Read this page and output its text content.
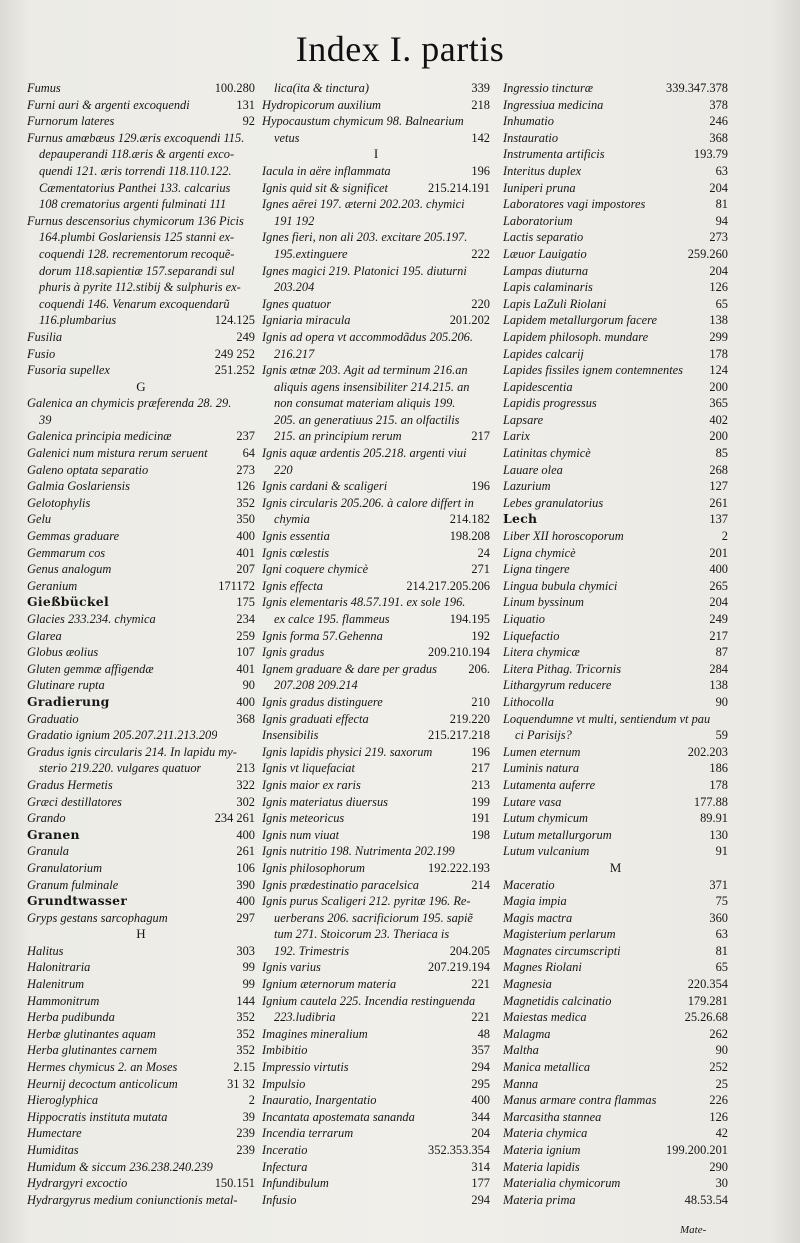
Index I. partis
Fumus	100.280
Furni auri & argenti excoquendi	131
Furnorum lateres	92
Furnus amœbæus 129.æris excoquendi 115.
depauperandi 118.æris & argenti exco-
quendi 121. æris torrendi 118.110.122.
Cæmentatorius Panthei 133. calcarius
108 crematorius argenti fulminati 111
Furnus descensorius chymicorum 136 Picis
164.plumbi Goslariensis 125 stanni ex-
coquendi 128. recrementorum recoquẽ-
dorum 118.sapientiæ 157.separandi sul
phuris à pyrite 112.stibij & sulphuris ex-
coquendi 146. Venarum excoquendarũ
116.plumbarius	124.125
Fusilia	249
Fusio	249 252
Fusoria supellex	251.252
G
Galenica an chymicis præferenda 28. 29.
39
Galenica principia medicinæ	237
Galenici num mistura rerum seruent	64
Galeno optata separatio	273
Galmia Goslariensis	126
Gelotophylis	352
Gelu	350
Gemmas graduare	400
Gemmarum cos	401
Genus analogum	207
Geranium	171172
Gießbückel	175
Glacies 233.234. chymica	234
Glarea	259
Globus æolius	107
Gluten gemmæ affigendæ	401
Glutinare rupta	90
Gradierung	400
Graduatio	368
Gradatio ignium 205.207.211.213.209
Gradus ignis circularis 214. In lapidu my-
sterio 219.220. vulgares quatuor	213
Gradus Hermetis	322
Græci destillatores	302
Grando	234 261
Granen	400
Granula	261
Granulatorium	106
Granum fulminale	390
Grundtwasser	400
Gryps gestans sarcophagum	297
H
Halitus	303
Halonitraria	99
Halenitrum	99
Hammonitrum	144
Herba pudibunda	352
Herbæ glutinantes aquam	352
Herba glutinantes carnem	352
Hermes chymicus 2. an Moses	2.15
Heurnij decoctum anticolicum	31 32
Hieroglyphica	2
Hippocratis instituta mutata	39
Humectare	239
Humiditas	239
Humidum & siccum 236.238.240.239
Hydrargyri excoctio	150.151
Hydrargyrus medium coniunctionis metal-
lica(ita & tinctura)	339
Hydropicorum auxilium	218
Hypocaustum chymicum 98. Balnearium
vetus	142
I
Iacula in aëre inflammata	196
Ignis quid sit & significet	215.214.191
Ignes aërei 197. æterni 202.203. chymici
191 192
Ignes fieri, non ali 203. excitare 205.197.
195.extinguere	222
Ignes magici 219. Platonici 195. diuturni
203.204
Ignes quatuor	220
Igniaria miracula	201.202
Ignis ad opera vt accommodãdus 205.206.
216.217
Ignis ætnæ 203. Agit ad terminum 216.an
aliquis agens insensibiliter 214.215. an
non consumat materiam aliquis 199.
205. an generatiuus 215. an olfactilis
215. an principium rerum	217
Ignis aquæ ardentis 205.218. argenti viui
220
Ignis cardani & scaligeri	196
Ignis circularis 205.206. à calore differt in
chymia	214.182
Ignis essentia	198.208
Ignis cœlestis	24
Igni coquere chymicè	271
Ignis effecta	214.217.205.206
Ignis elementaris 48.57.191. ex sole 196.
ex calce 195. flammeus	194.195
Ignis forma 57.Gehenna	192
Ignis gradus	209.210.194
Ignem graduare & dare per gradus	206.
207.208 209.214
Ignis gradus distinguere	210
Ignis graduati effecta	219.220
Insensibilis	215.217.218
Ignis lapidis physici 219. saxorum	196
Ignis vt liquefaciat	217
Ignis maior ex raris	213
Ignis materiatus diuersus	199
Ignis meteoricus	191
Ignis num viuat	198
Ignis nutritio 198. Nutrimenta 202.199
Ignis philosophorum	192.222.193
Ignis prædestinatio paracelsica	214
Ignis purus Scaligeri 212. pyritæ 196. Re-
uerberans 206. sacrificiorum 195. sapiẽ
tum 271. Stoicorum 23. Theriaca is
192. Trimestris	204.205
Ignis varius	207.219.194
Ignium æternorum materia	221
Ignium cautela 225. Incendia restinguenda
223.ludibria	221
Imagines mineralium	48
Imbibitio	357
Impressio virtutis	294
Impulsio	295
Inauratio, Inargentatio	400
Incantata apostemata sananda	344
Incendia terrarum	204
Inceratio	352.353.354
Infectura	314
Infundibulum	177
Infusio	294
Ingressio tincturæ	339.347.378
Ingressiua medicina	378
Inhumatio	246
Instauratio	368
Instrumenta artificis	193.79
Interitus duplex	63
Iuniperi pruna	204
Laboratores vagi impostores	81
Laboratorium	94
Lactis separatio	273
Læuor Lauigatio	259.260
Lampas diuturna	204
Lapis calaminaris	126
Lapis LaZuli Riolani	65
Lapidem metallurgorum facere	138
Lapidem philosoph. mundare	299
Lapides calcarij	178
Lapides fissiles ignem contemnentes	124
Lapidescentia	200
Lapidis progressus	365
Lapsare	402
Larix	200
Latinitas chymicè	85
Lauare olea	268
Lazurium	127
Lebes granulatorius	261
Lech	137
Liber XII horoscoporum	2
Ligna chymicè	201
Ligna tingere	400
Lingua bubula chymici	265
Linum byssinum	204
Liquatio	249
Liquefactio	217
Litera chymicæ	87
Litera Pithag. Tricornis	284
Lithargyrum reducere	138
Lithocolla	90
Loquendumne vt multi, sentiendum vt pau
ci Parisijs?	59
Lumen eternum	202.203
Luminis natura	186
Lutamenta auferre	178
Lutare vasa	177.88
Lutum chymicum	89.91
Lutum metallurgorum	130
Lutum vulcanium	91
M
Maceratio	371
Magia impia	75
Magis mactra	360
Magisterium perlarum	63
Magnates circumscripti	81
Magnes Riolani	65
Magnesia	220.354
Magnetidis calcinatio	179.281
Maiestas medica	25.26.68
Malagma	262
Maltha	90
Manica metallica	252
Manna	25
Manus armare contra flammas	226
Marcasitha stannea	126
Materia chymica	42
Materia ignium	199.200.201
Materia lapidis	290
Materialia chymicorum	30
Materia prima	48.53.54
Mate-
